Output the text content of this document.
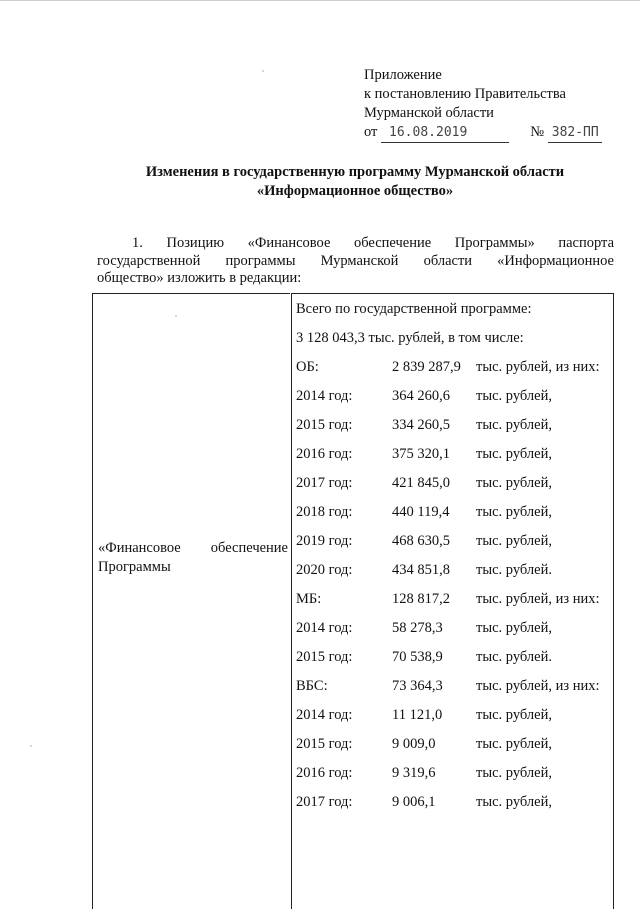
Приложение
к постановлению Правительства
Мурманской области
от 16.08.2019	№ 382-ПП
Изменения в государственную программу Мурманской области
«Информационное общество»
1. Позицию «Финансовое обеспечение Программы» паспорта
государственной программы Мурманской области «Информационное
общество» изложить в редакции:
«Финансовое обеспечение
Программы
Всего по государственной программе:
3 128 043,3 тыс. рублей, в том числе:
ОБ:	2 839 287,9 тыс. рублей, из них:
2014 год:	364 260,6 тыс. рублей,
2015 год:	334 260,5 тыс. рублей,
2016 год:	375 320,1 тыс. рублей,
2017 год:	421 845,0 тыс. рублей,
2018 год:	440 119,4 тыс. рублей,
2019 год:	468 630,5 тыс. рублей,
2020 год:	434 851,8 тыс. рублей.
МБ:	128 817,2 тыс. рублей, из них:
2014 год:	58 278,3 тыс. рублей,
2015 год:	70 538,9 тыс. рублей.
ВБС:	73 364,3 тыс. рублей, из них:
2014 год:	11 121,0 тыс. рублей,
2015 год:	9 009,0	тыс. рублей,
2016 год:	9 319,6	тыс. рублей,
2017 год:	9 006,1	тыс. рублей,
